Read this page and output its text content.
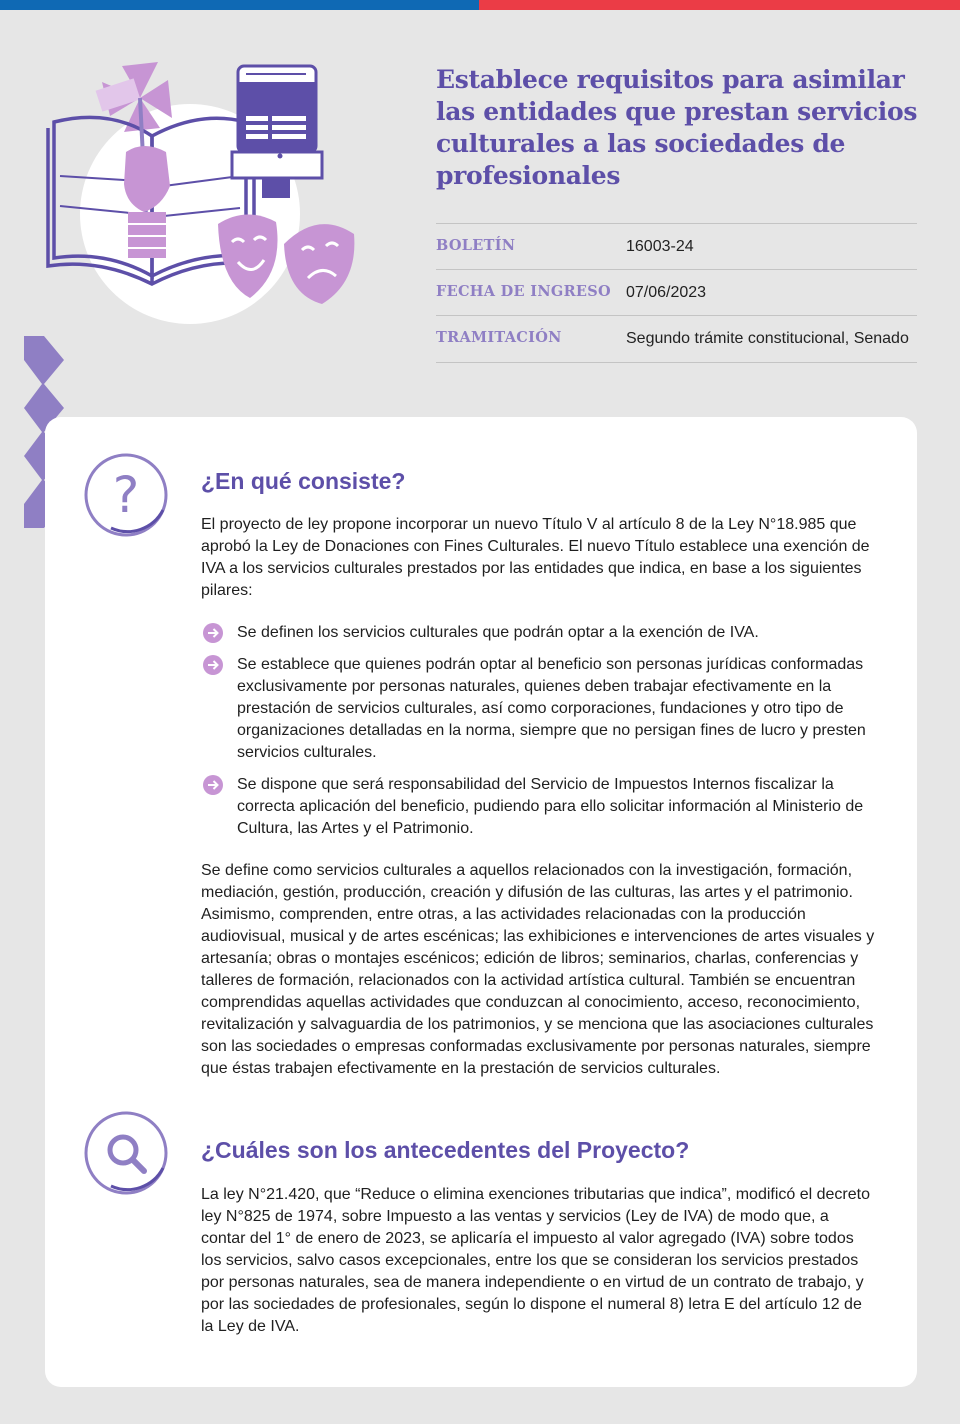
Establece requisitos para asimilar las entidades que prestan servicios culturales a las sociedades de profesionales
BOLETÍN	16003-24
FECHA DE INGRESO 07/06/2023
TRAMITACIÓN	Segundo trámite constitucional, Senado
?	¿En qué consiste?

El proyecto de ley propone incorporar un nuevo Título V al artículo 8 de la Ley N°18.985 que aprobó la Ley de Donaciones con Fines Culturales. El nuevo Título establece una exención de IVA a los servicios culturales prestados por las entidades que indica, en base a los siguientes pilares:

Se definen los servicios culturales que podrán optar a la exención de IVA.
Se establece que quienes podrán optar al beneficio son personas jurídicas conformadas exclusivamente por personas naturales, quienes deben trabajar efectivamente en la prestación de servicios culturales, así como corporaciones, fundaciones y otro tipo de organizaciones detalladas en la norma, siempre que no persigan fines de lucro y presten servicios culturales.
Se dispone que será responsabilidad del Servicio de Impuestos Internos fiscalizar la correcta aplicación del beneficio, pudiendo para ello solicitar información al Ministerio de Cultura, las Artes y el Patrimonio.

Se define como servicios culturales a aquellos relacionados con la investigación, formación, mediación, gestión, producción, creación y difusión de las culturas, las artes y el patrimonio. Asimismo, comprenden, entre otras, a las actividades relacionadas con la producción audiovisual, musical y de artes escénicas; las exhibiciones e intervenciones de artes visuales y artesanía; obras o montajes escénicos; edición de libros; seminarios, charlas, conferencias y talleres de formación, relacionados con la actividad artística cultural. También se encuentran comprendidas aquellas actividades que conduzcan al conocimiento, acceso, reconocimiento, revitalización y salvaguardia de los patrimonios, y se menciona que las asociaciones culturales son las sociedades o empresas conformadas exclusivamente por personas naturales, siempre que éstas trabajen efectivamente en la prestación de servicios culturales.

¿Cuáles son los antecedentes del Proyecto?

La ley N°21.420, que “Reduce o elimina exenciones tributarias que indica”, modificó el decreto ley N°825 de 1974, sobre Impuesto a las ventas y servicios (Ley de IVA) de modo que, a contar del 1° de enero de 2023, se aplicaría el impuesto al valor agregado (IVA) sobre todos los servicios, salvo casos excepcionales, entre los que se consideran los servicios prestados por personas naturales, sea de manera independiente o en virtud de un contrato de trabajo, y por las sociedades de profesionales, según lo dispone el numeral 8) letra E del artículo 12 de la Ley de IVA.
